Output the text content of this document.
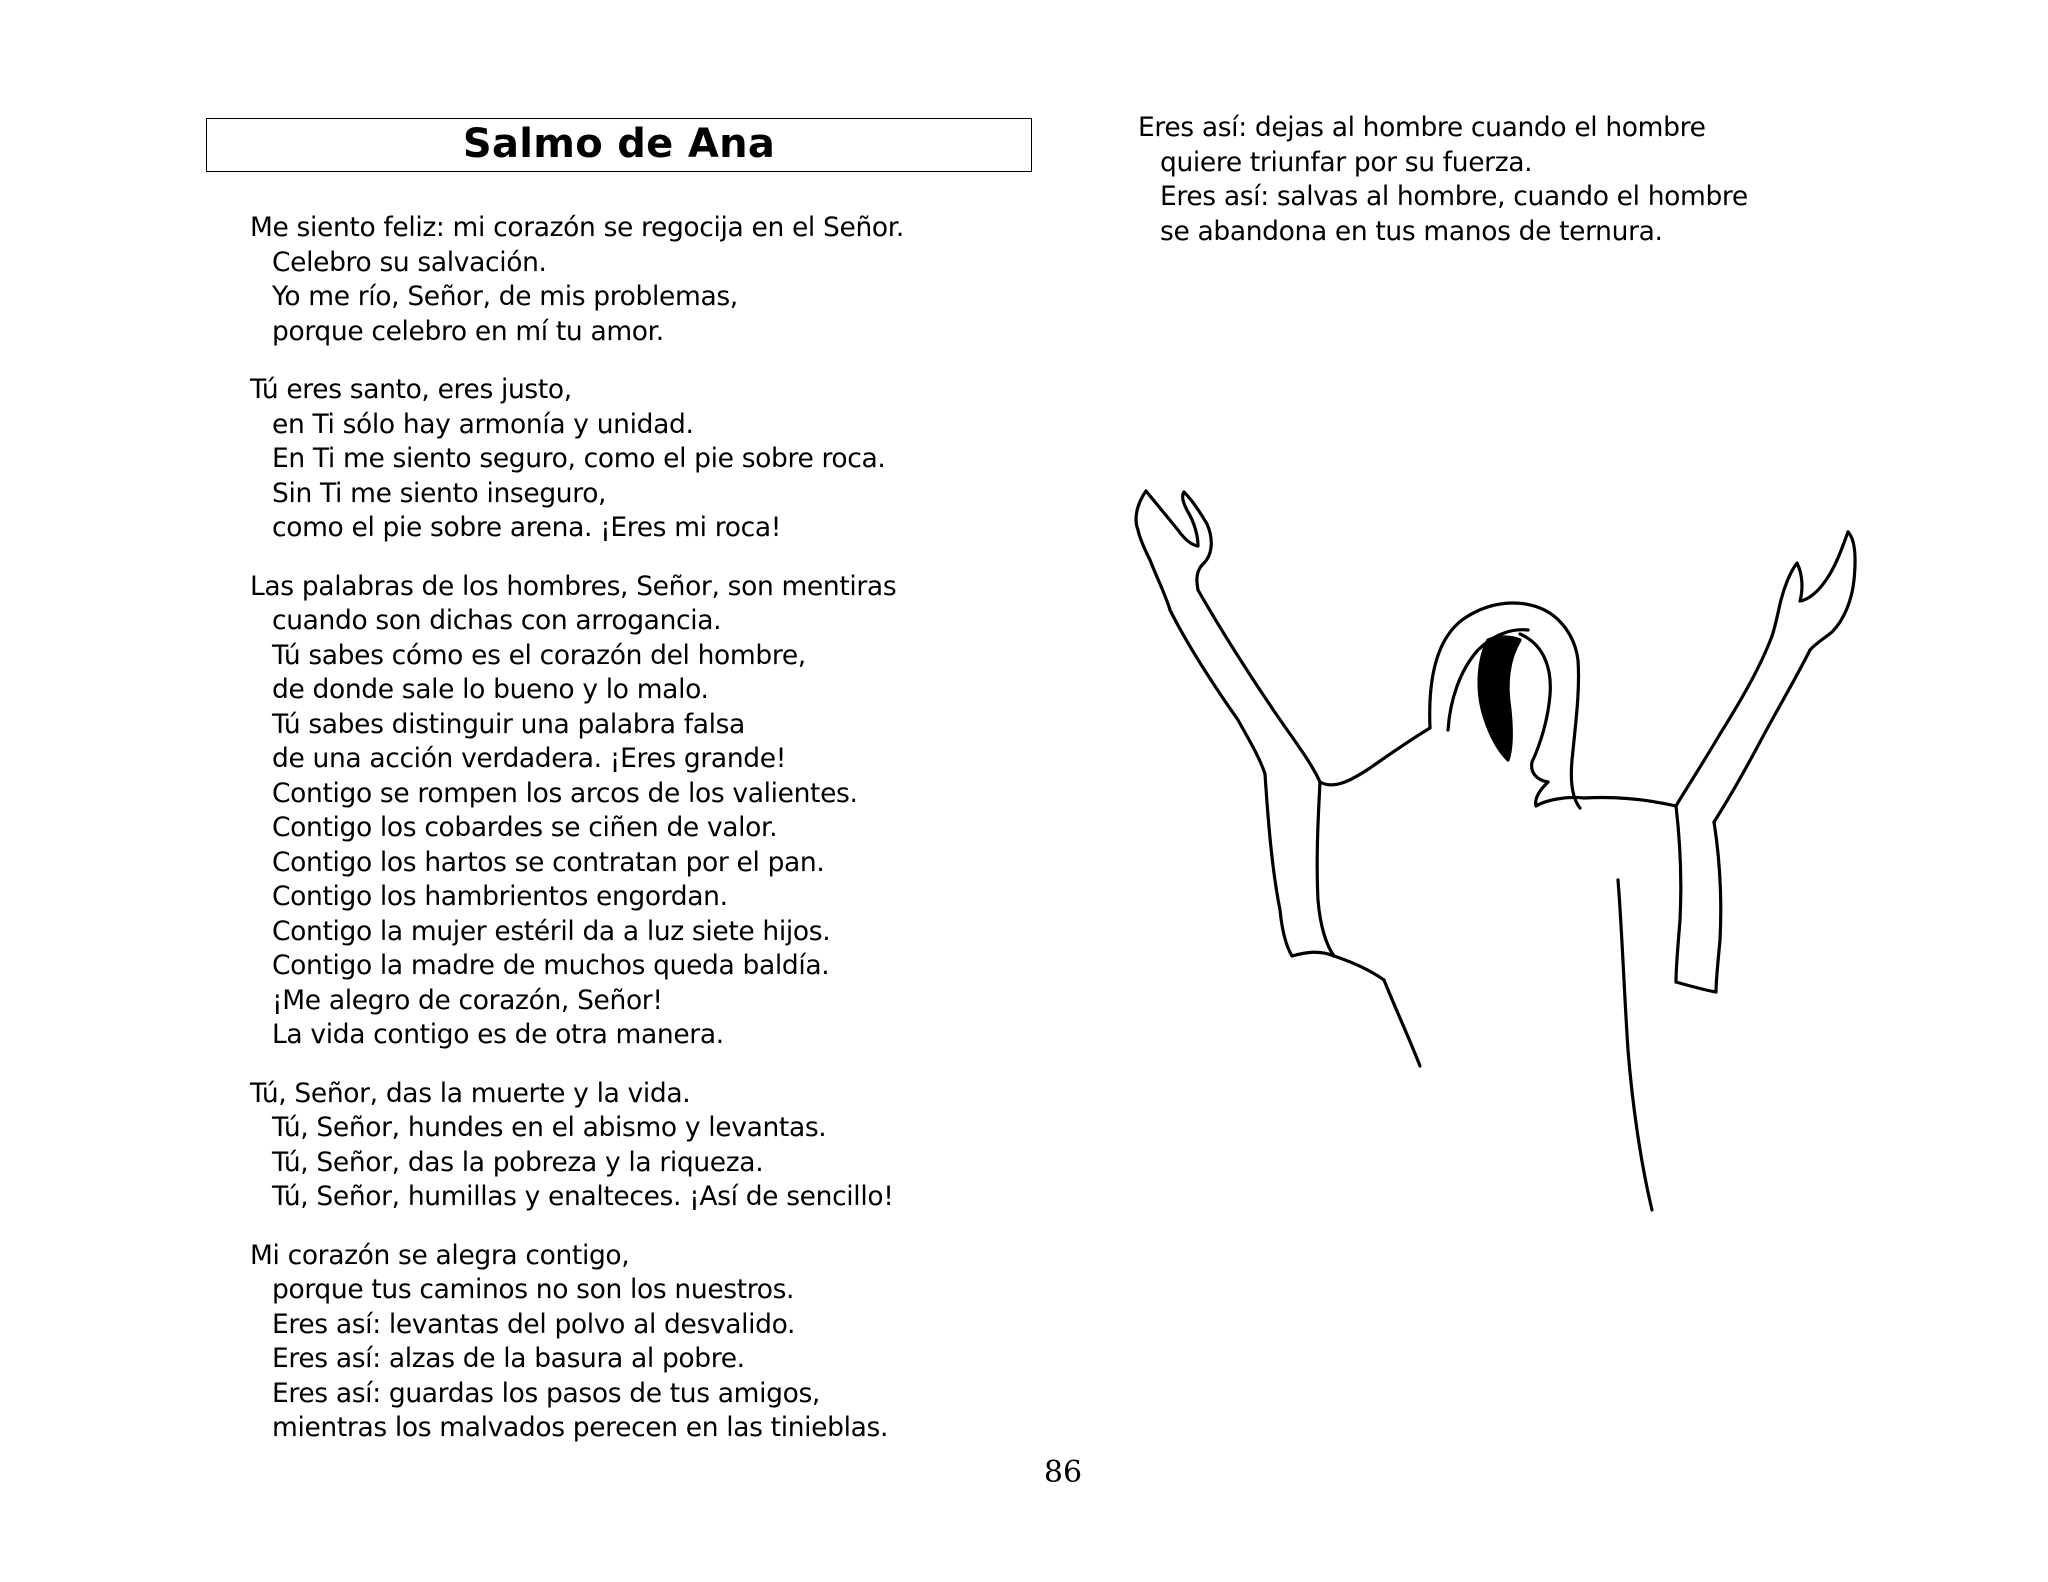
Salmo de Ana
Me siento feliz: mi corazón se regocija en el Señor.
Celebro su salvación.
Yo me río, Señor, de mis problemas,
porque celebro en mí tu amor.
Tú eres santo, eres justo,
en Ti sólo hay armonía y unidad.
En Ti me siento seguro, como el pie sobre roca.
Sin Ti me siento inseguro,
como el pie sobre arena. ¡Eres mi roca!
Las palabras de los hombres, Señor, son mentiras
cuando son dichas con arrogancia.
Tú sabes cómo es el corazón del hombre,
de donde sale lo bueno y lo malo.
Tú sabes distinguir una palabra falsa
de una acción verdadera. ¡Eres grande!
Contigo se rompen los arcos de los valientes.
Contigo los cobardes se ciñen de valor.
Contigo los hartos se contratan por el pan.
Contigo los hambrientos engordan.
Contigo la mujer estéril da a luz siete hijos.
Contigo la madre de muchos queda baldía.
¡Me alegro de corazón, Señor!
La vida contigo es de otra manera.
Tú, Señor, das la muerte y la vida.
Tú, Señor, hundes en el abismo y levantas.
Tú, Señor, das la pobreza y la riqueza.
Tú, Señor, humillas y enalteces. ¡Así de sencillo!
Mi corazón se alegra contigo,
porque tus caminos no son los nuestros.
Eres así: levantas del polvo al desvalido.
Eres así: alzas de la basura al pobre.
Eres así: guardas los pasos de tus amigos,
mientras los malvados perecen en las tinieblas.
Eres así: dejas al hombre cuando el hombre
quiere triunfar por su fuerza.
Eres así: salvas al hombre, cuando el hombre
se abandona en tus manos de ternura.
86
